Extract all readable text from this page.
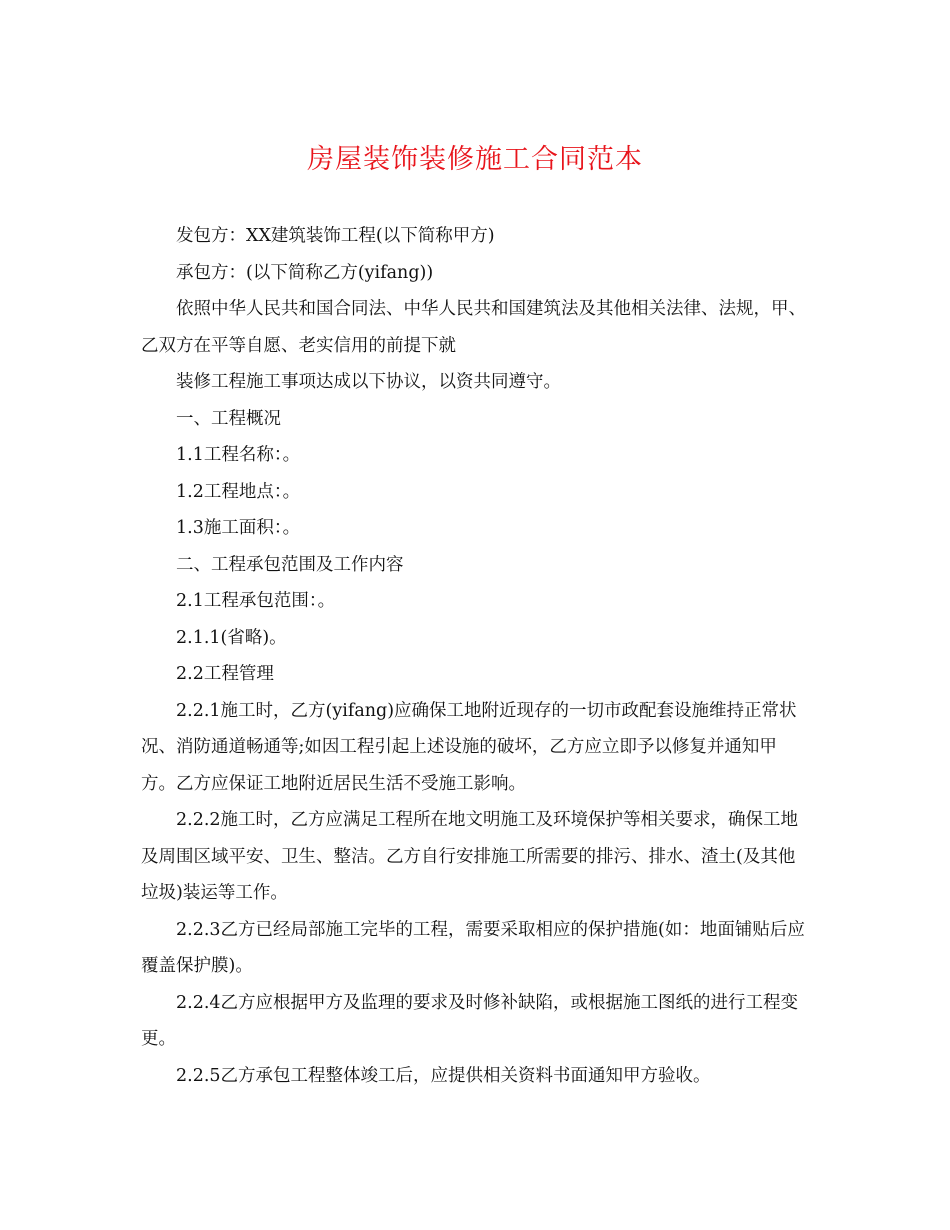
房屋装饰装修施工合同范本

发包方：XX建筑装饰工程(以下简称甲方)

承包方：(以下简称乙方(yifang))

依照中华人民共和国合同法、中华人民共和国建筑法及其他相关法律、法规，甲、乙双方在平等自愿、老实信用的前提下就

装修工程施工事项达成以下协议，以资共同遵守。

一、工程概况

1.1工程名称：。

1.2工程地点：。

1.3施工面积：。

二、工程承包范围及工作内容

2.1工程承包范围：。

2.1.1(省略)。

2.2工程管理

2.2.1施工时，乙方(yifang)应确保工地附近现存的一切市政配套设施维持正常状况、消防通道畅通等;如因工程引起上述设施的破坏，乙方应立即予以修复并通知甲方。乙方应保证工地附近居民生活不受施工影响。

2.2.2施工时，乙方应满足工程所在地文明施工及环境保护等相关要求，确保工地及周围区域平安、卫生、整洁。乙方自行安排施工所需要的排污、排水、渣土(及其他垃圾)装运等工作。

2.2.3乙方已经局部施工完毕的工程，需要采取相应的保护措施(如：地面铺贴后应覆盖保护膜)。

2.2.4乙方应根据甲方及监理的要求及时修补缺陷，或根据施工图纸的进行工程变更。

2.2.5乙方承包工程整体竣工后，应提供相关资料书面通知甲方验收。
